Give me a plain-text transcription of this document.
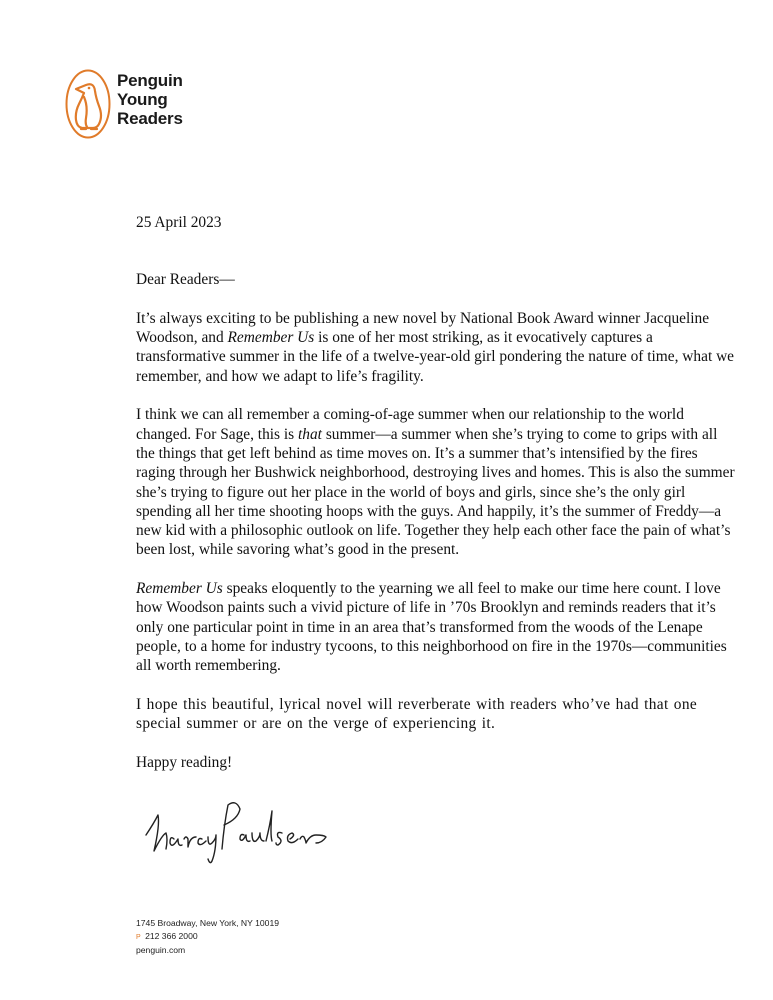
Penguin
Young
Readers

25 April 2023

Dear Readers—

It’s always exciting to be publishing a new novel by National Book Award winner Jacqueline Woodson, and Remember Us is one of her most striking, as it evocatively captures a transformative summer in the life of a twelve-year-old girl pondering the nature of time, what we remember, and how we adapt to life’s fragility.

I think we can all remember a coming-of-age summer when our relationship to the world changed. For Sage, this is that summer—a summer when she’s trying to come to grips with all the things that get left behind as time moves on. It’s a summer that’s intensified by the fires raging through her Bushwick neighborhood, destroying lives and homes. This is also the summer she’s trying to figure out her place in the world of boys and girls, since she’s the only girl spending all her time shooting hoops with the guys. And happily, it’s the summer of Freddy—a new kid with a philosophic outlook on life. Together they help each other face the pain of what’s been lost, while savoring what’s good in the present.

Remember Us speaks eloquently to the yearning we all feel to make our time here count. I love how Woodson paints such a vivid picture of life in ’70s Brooklyn and reminds readers that it’s only one particular point in time in an area that’s transformed from the woods of the Lenape people, to a home for industry tycoons, to this neighborhood on fire in the 1970s—communities all worth remembering.

I hope this beautiful, lyrical novel will reverberate with readers who’ve had that one special summer or are on the verge of experiencing it.

Happy reading!

1745 Broadway, New York, NY 10019
P 212 366 2000
penguin.com
